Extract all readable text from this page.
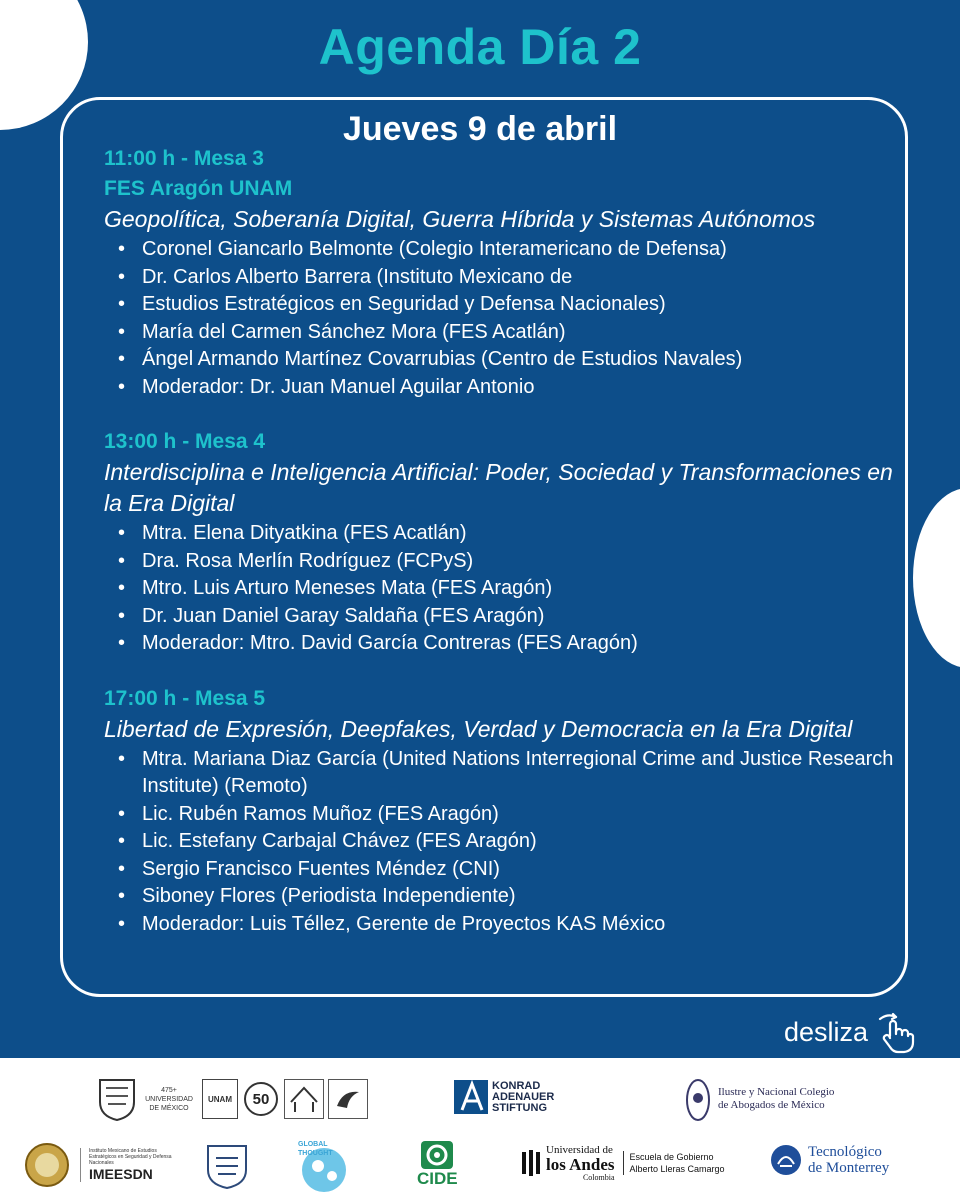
Agenda Día 2
Jueves 9 de abril
11:00 h - Mesa 3
FES Aragón UNAM
Geopolítica, Soberanía Digital, Guerra Híbrida y Sistemas Autónomos
• Coronel Giancarlo Belmonte (Colegio Interamericano de Defensa)
• Dr. Carlos Alberto Barrera (Instituto Mexicano de
• Estudios Estratégicos en Seguridad y Defensa Nacionales)
• María del Carmen Sánchez Mora (FES Acatlán)
• Ángel Armando Martínez Covarrubias (Centro de Estudios Navales)
• Moderador: Dr. Juan Manuel Aguilar Antonio
13:00 h - Mesa 4
Interdisciplina e Inteligencia Artificial: Poder, Sociedad y Transformaciones en la Era Digital
• Mtra. Elena Dityatkina (FES Acatlán)
• Dra. Rosa Merlín Rodríguez (FCPyS)
• Mtro. Luis Arturo Meneses Mata (FES Aragón)
• Dr. Juan Daniel Garay Saldaña (FES Aragón)
• Moderador: Mtro. David García Contreras (FES Aragón)
17:00 h - Mesa 5
Libertad de Expresión, Deepfakes, Verdad y Democracia en la Era Digital
• Mtra. Mariana Diaz García (United Nations Interregional Crime and Justice Research Institute) (Remoto)
• Lic. Rubén Ramos Muñoz (FES Aragón)
• Lic. Estefany Carbajal Chávez (FES Aragón)
• Sergio Francisco Fuentes Méndez (CNI)
• Siboney Flores (Periodista Independiente)
• Moderador: Luis Téllez, Gerente de Proyectos KAS México
desliza
475+ UNIVERSIDAD DE MÉXICO
UNAM	50
KONRAD
ADENAUER
STIFTUNG
Ilustre y Nacional Colegio
de Abogados de México
Instituto Mexicano de Estudios Estratégicos en Seguridad y Defensa Nacionales
IMEESDN
GLOBAL THOUGHT
CIDE
Universidad de
los Andes
Colombia
Escuela de Gobierno
Alberto Lleras Camargo
Tecnológico
de Monterrey
